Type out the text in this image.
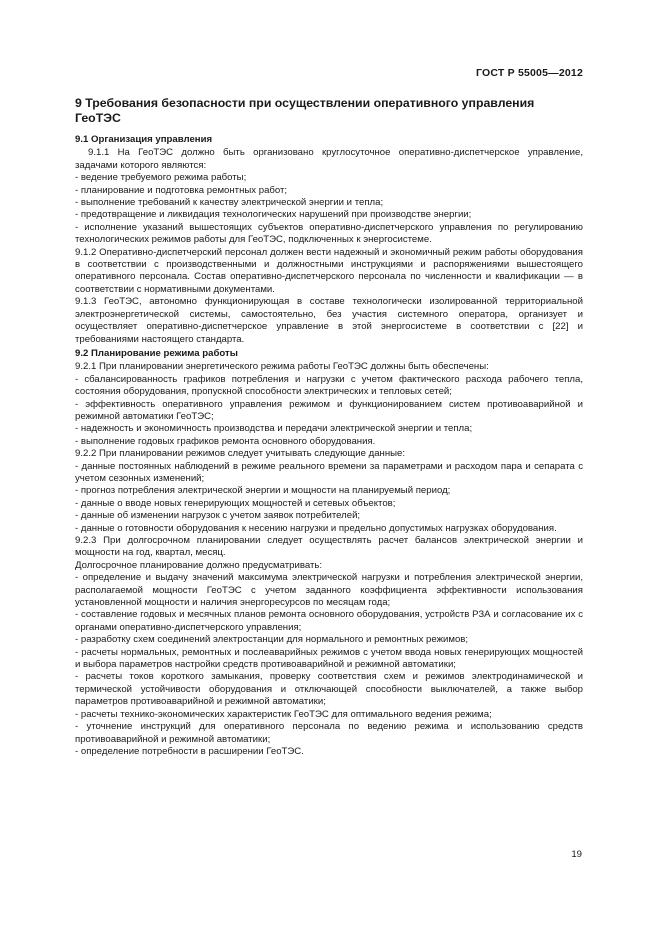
ГОСТ Р 55005—2012
9 Требования безопасности при осуществлении оперативного управления ГеоТЭС
9.1 Организация управления

9.1.1 На ГеоТЭС должно быть организовано круглосуточное оперативно-диспетчерское управление, задачами которого являются:

- ведение требуемого режима работы;

- планирование и подготовка ремонтных работ;

- выполнение требований к качеству электрической энергии и тепла;

- предотвращение и ликвидация технологических нарушений при производстве энергии;

- исполнение указаний вышестоящих субъектов оперативно-диспетчерского управления по регулированию технологических режимов работы для ГеоТЭС, подключенных к энергосистеме.

9.1.2 Оперативно-диспетчерский персонал должен вести надежный и экономичный режим работы оборудования в соответствии с производственными и должностными инструкциями и распоряжениями вышестоящего оперативного персонала. Состав оперативно-диспетчерского персонала по численности и квалификации — в соответствии с нормативными документами.

9.1.3 ГеоТЭС, автономно функционирующая в составе технологически изолированной территориальной электроэнергетической системы, самостоятельно, без участия системного оператора, организует и осуществляет оперативно-диспетчерское управление в этой энергосистеме в соответствии с [22] и требованиями настоящего стандарта.

9.2 Планирование режима работы

9.2.1 При планировании энергетического режима работы ГеоТЭС должны быть обеспечены:

- сбалансированность графиков потребления и нагрузки с учетом фактического расхода рабочего тепла, состояния оборудования, пропускной способности электрических и тепловых сетей;

- эффективность оперативного управления режимом и функционированием систем противоаварийной и режимной автоматики ГеоТЭС;

- надежность и экономичность производства и передачи электрической энергии и тепла;

- выполнение годовых графиков ремонта основного оборудования.

9.2.2 При планировании режимов следует учитывать следующие данные:

- данные постоянных наблюдений в режиме реального времени за параметрами и расходом пара и сепарата с учетом сезонных изменений;

- прогноз потребления электрической энергии и мощности на планируемый период;

- данные о вводе новых генерирующих мощностей и сетевых объектов;

- данные об изменении нагрузок с учетом заявок потребителей;

- данные о готовности оборудования к несению нагрузки и предельно допустимых нагрузках оборудования.

9.2.3 При долгосрочном планировании следует осуществлять расчет балансов электрической энергии и мощности на год, квартал, месяц.

Долгосрочное планирование должно предусматривать:

- определение и выдачу значений максимума электрической нагрузки и потребления электрической энергии, располагаемой мощности ГеоТЭС с учетом заданного коэффициента эффективности использования установленной мощности и наличия энергоресурсов по месяцам года;

- составление годовых и месячных планов ремонта основного оборудования, устройств РЗА и согласование их с органами оперативно-диспетчерского управления;

- разработку схем соединений электростанции для нормального и ремонтных режимов;

- расчеты нормальных, ремонтных и послеаварийных режимов с учетом ввода новых генерирующих мощностей и выбора параметров настройки средств противоаварийной и режимной автоматики;

- расчеты токов короткого замыкания, проверку соответствия схем и режимов электродинамической и термической устойчивости оборудования и отключающей способности выключателей, а также выбор параметров противоаварийной и режимной автоматики;

- расчеты технико-экономических характеристик ГеоТЭС для оптимального ведения режима;

- уточнение инструкций для оперативного персонала по ведению режима и использованию средств противоаварийной и режимной автоматики;

- определение потребности в расширении ГеоТЭС.

19
